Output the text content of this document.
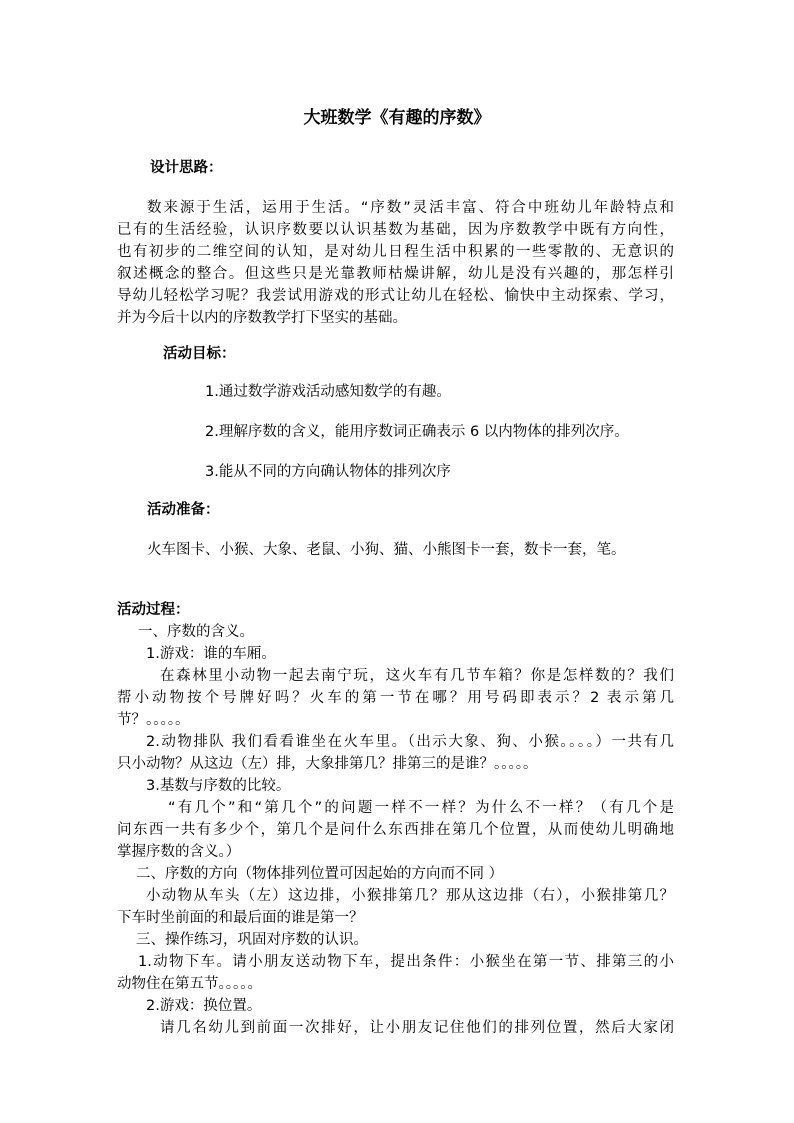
大班数学《有趣的序数》
设计思路：
数来源于生活，运用于生活。“序数”灵活丰富、符合中班幼儿年龄特点和
已有的生活经验，认识序数要以认识基数为基础，因为序数教学中既有方向性，
也有初步的二维空间的认知，是对幼儿日程生活中积累的一些零散的、无意识的
叙述概念的整合。但这些只是光靠教师枯燥讲解，幼儿是没有兴趣的，那怎样引
导幼儿轻松学习呢？我尝试用游戏的形式让幼儿在轻松、愉快中主动探索、学习，
并为今后十以内的序数教学打下坚实的基础。
活动目标：
1.通过数学游戏活动感知数学的有趣。
2.理解序数的含义，能用序数词正确表示 6 以内物体的排列次序。
3.能从不同的方向确认物体的排列次序
活动准备：
火车图卡、小猴、大象、老鼠、小狗、猫、小熊图卡一套，数卡一套，笔。
活动过程：
一、序数的含义。
1.游戏：谁的车厢。
在森林里小动物一起去南宁玩，这火车有几节车箱？你是怎样数的？我们
帮小动物按个号牌好吗？火车的第一节在哪？用号码即表示？2 表示第几
节？。。。。。
2.动物排队 我们看看谁坐在火车里。（出示大象、狗、小猴。。。。）一共有几
只小动物？从这边（左）排，大象排第几？排第三的是谁？。。。。。
3.基数与序数的比较。
“有几个”和“第几个”的问题一样不一样？为什么不一样？（有几个是
问东西一共有多少个，第几个是问什么东西排在第几个位置，从而使幼儿明确地
掌握序数的含义。）
二、序数的方向（物体排列位置可因起始的方向而不同 ）
小动物从车头（左）这边排，小猴排第几？那从这边排（右），小猴排第几？
下车时坐前面的和最后面的谁是第一？
三、操作练习，巩固对序数的认识。
1.动物下车。请小朋友送动物下车，提出条件：小猴坐在第一节、排第三的小
动物住在第五节。。。。。
2.游戏：换位置。
请几名幼儿到前面一次排好，让小朋友记住他们的排列位置，然后大家闭
